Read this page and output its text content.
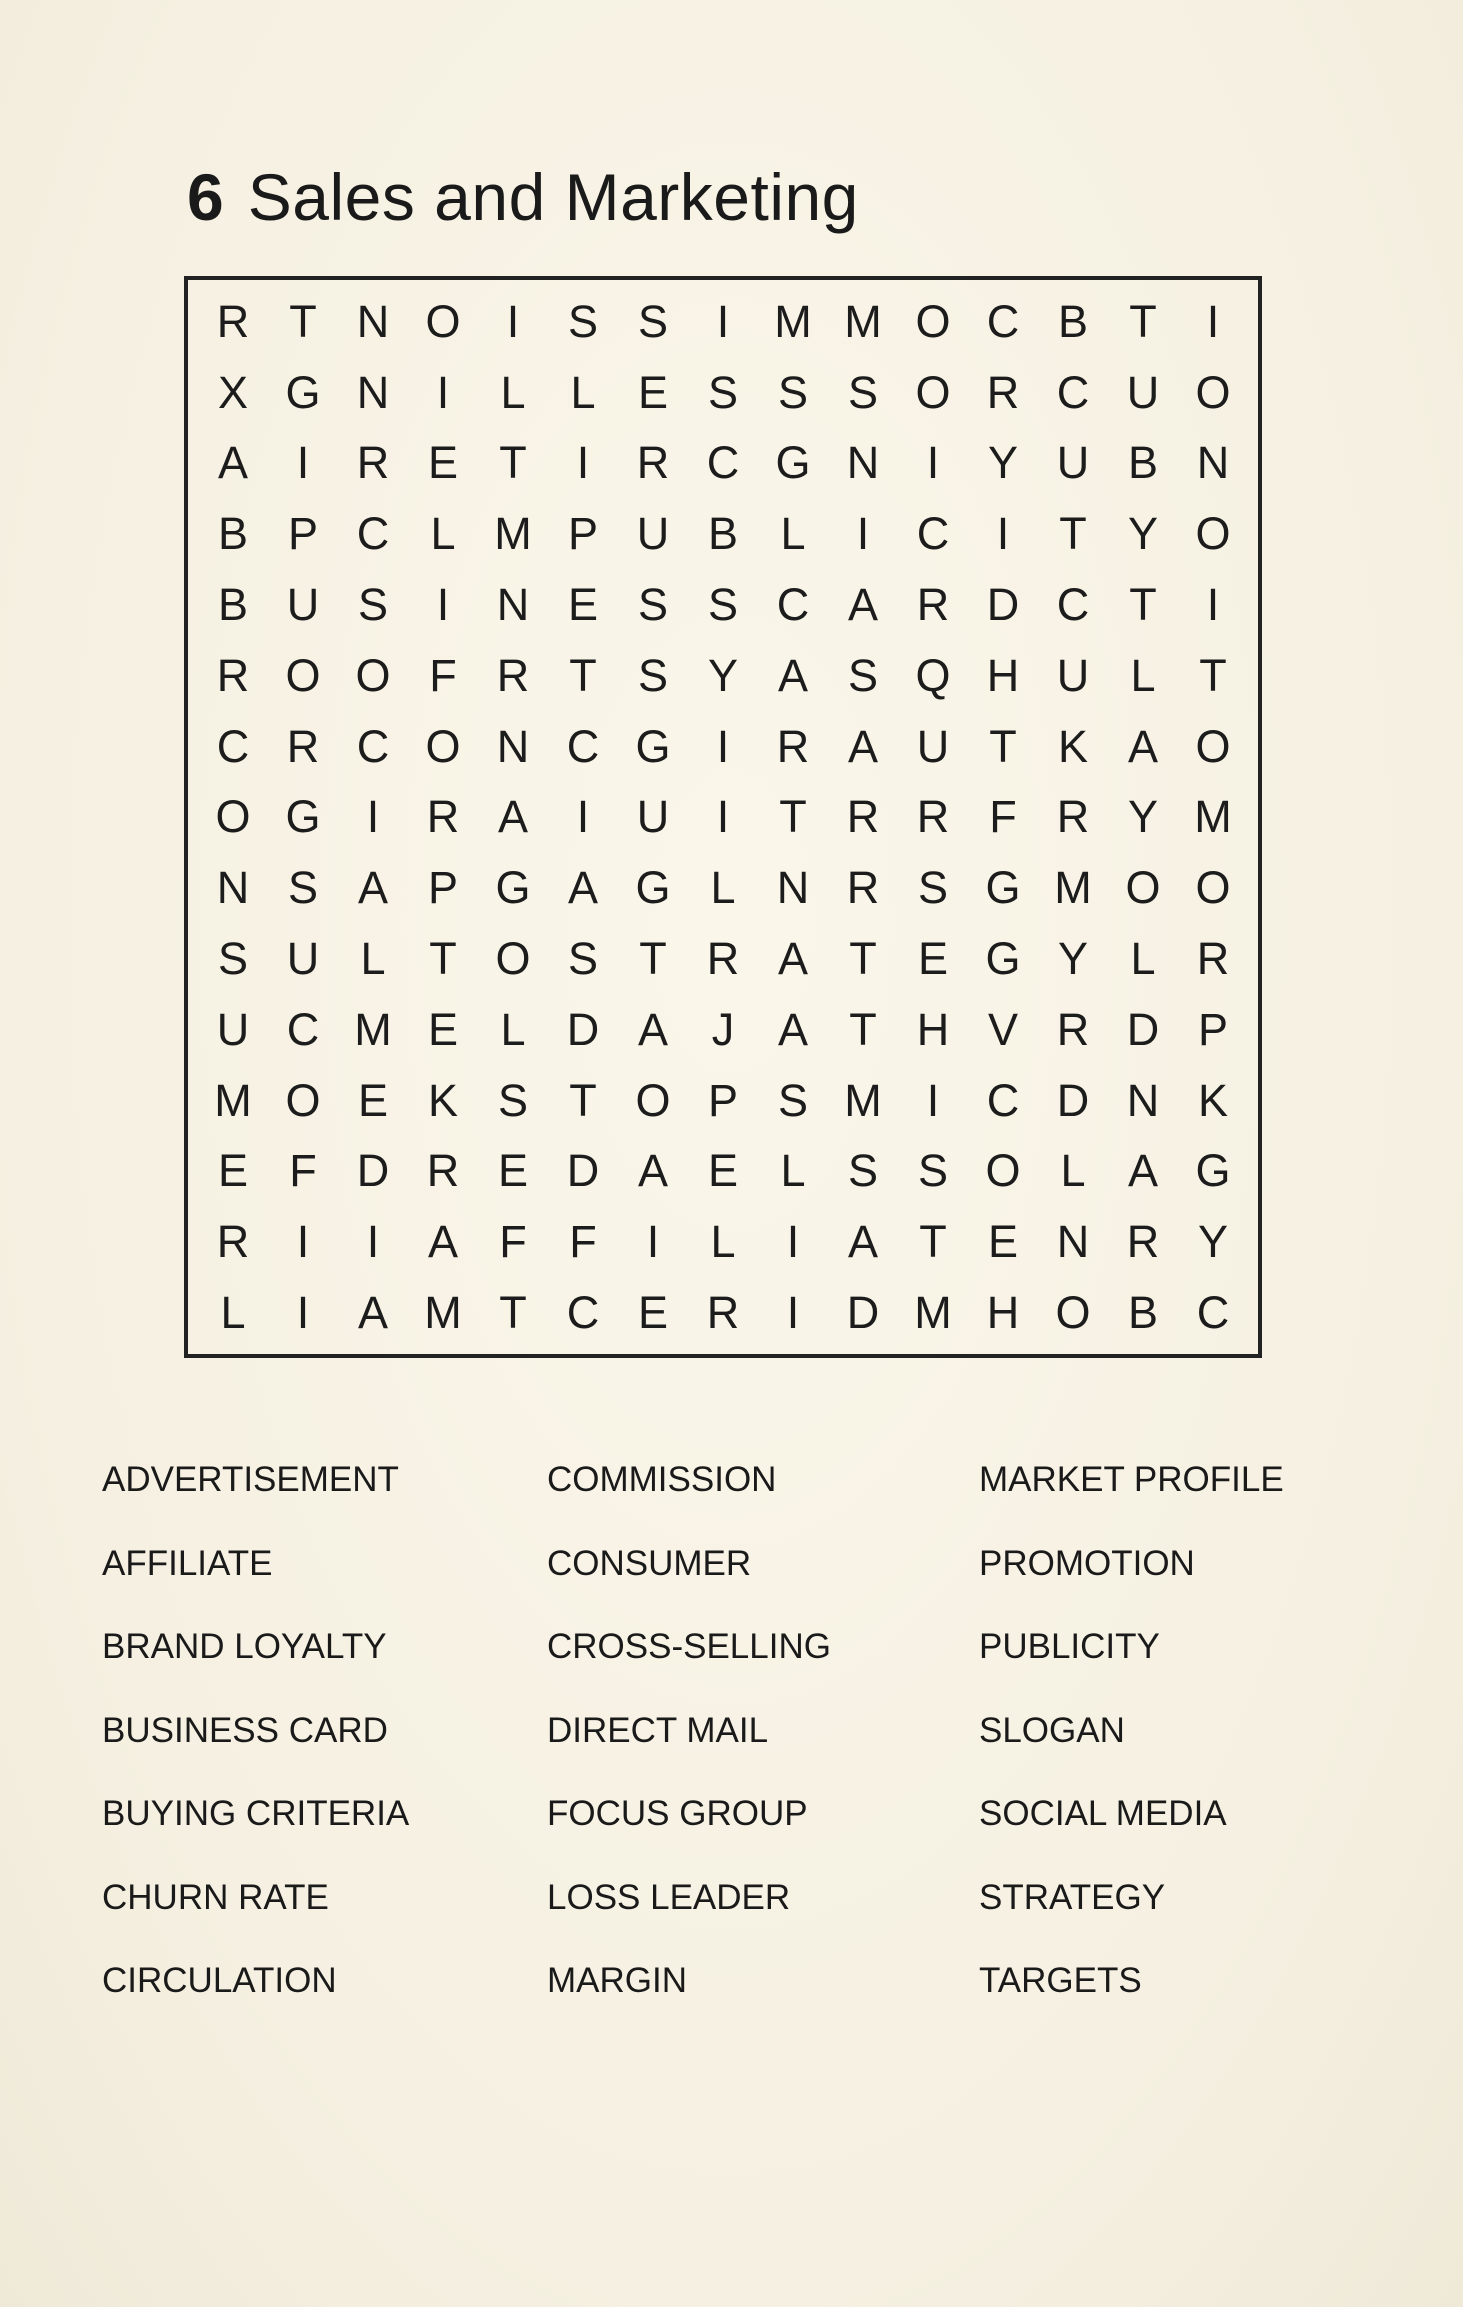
6 Sales and Marketing
R T N O	I	S S	I	M M O C B T	I
X G N	I	L L E S S S O R C U O
A	I	R E T	I	R C G N	I	Y U B N
B P C L M P U B L	I	C	I	T Y O
B U S	I	N E S S C A R D C T	I
R O O F R T S Y A S Q H U L T
C R C O N C G	I	R A U T K A O
O G	I	R A	I	U	I	T R R F R Y M
N S A P G A G L N R S G M O O
S U L T O S T R A T E G Y L R
U C M E L D A J A T H V R D P
M O E K S T O P S M I	C D N K
E F D R E D A E L S S O L A G
R	I	I	A F F	I	L	I	A T E N R Y
L	I	A M T C E R	I	D M H O B C
ADVERTISEMENT
AFFILIATE
BRAND LOYALTY
BUSINESS CARD
BUYING CRITERIA
CHURN RATE
CIRCULATION
COMMISSION
CONSUMER
CROSS-SELLING
DIRECT MAIL
FOCUS GROUP
LOSS LEADER
MARGIN
MARKET PROFILE
PROMOTION
PUBLICITY
SLOGAN
SOCIAL MEDIA
STRATEGY
TARGETS
